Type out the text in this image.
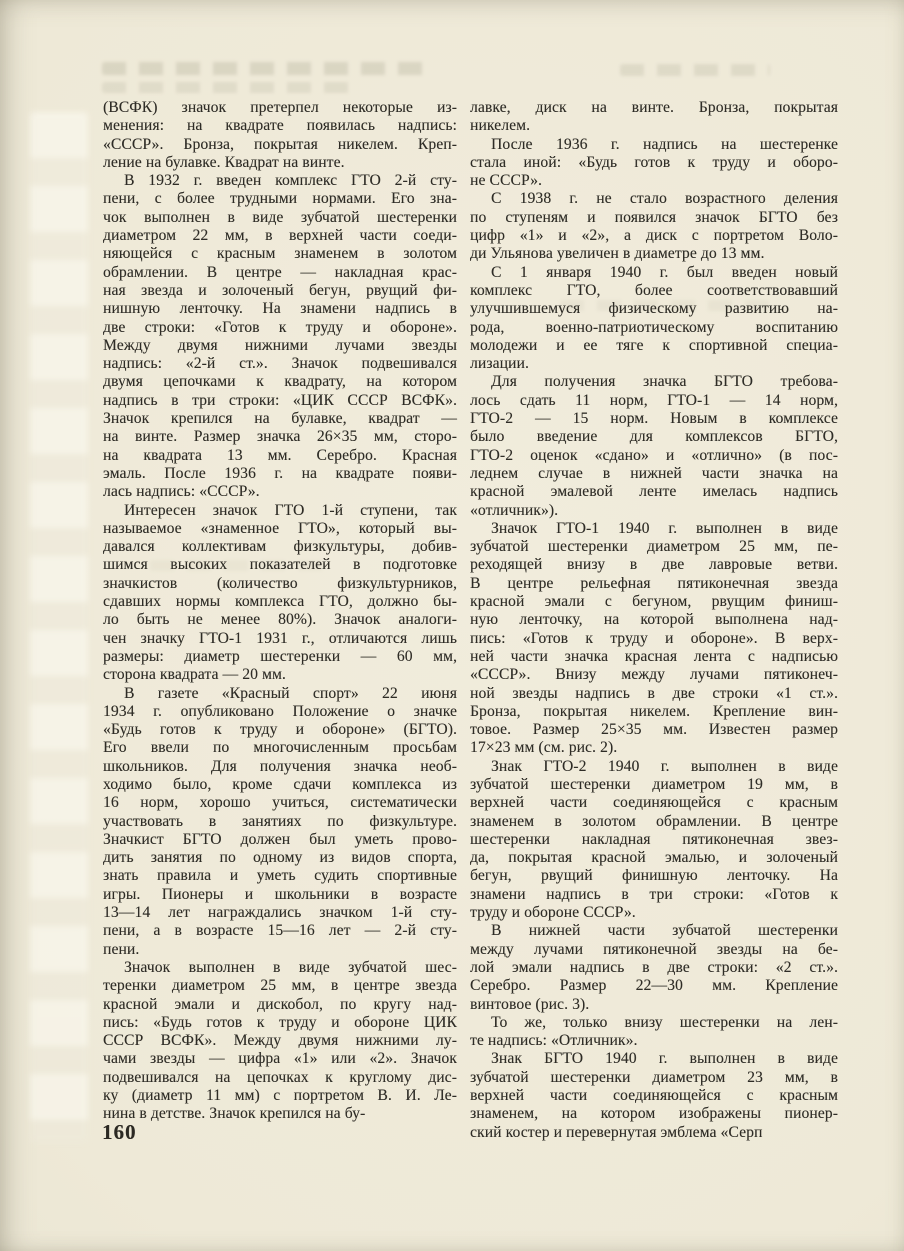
(ВСФК) значок претерпел некоторые из-
менения: на квадрате появилась надпись:
«СССР». Бронза, покрытая никелем. Креп-
ление на булавке. Квадрат на винте.
В 1932 г. введен комплекс ГТО 2-й сту-
пени, с более трудными нормами. Его зна-
чок выполнен в виде зубчатой шестеренки
диаметром 22 мм, в верхней части соеди-
няющейся с красным знаменем в золотом
обрамлении. В центре — накладная крас-
ная звезда и золоченый бегун, рвущий фи-
нишную ленточку. На знамени надпись в
две строки: «Готов к труду и обороне».
Между двумя нижними лучами звезды
надпись: «2-й ст.». Значок подвешивался
двумя цепочками к квадрату, на котором
надпись в три строки: «ЦИК СССР ВСФК».
Значок крепился на булавке, квадрат —
на винте. Размер значка 26×35 мм, сторо-
на квадрата 13 мм. Серебро. Красная
эмаль. После 1936 г. на квадрате появи-
лась надпись: «СССР».
Интересен значок ГТО 1-й ступени, так
называемое «знаменное ГТО», который вы-
давался коллективам физкультуры, добив-
шимся высоких показателей в подготовке
значкистов (количество физкультурников,
сдавших нормы комплекса ГТО, должно бы-
ло быть не менее 80%). Значок аналоги-
чен значку ГТО-1 1931 г., отличаются лишь
размеры: диаметр шестеренки — 60 мм,
сторона квадрата — 20 мм.
В газете «Красный спорт» 22 июня
1934 г. опубликовано Положение о значке
«Будь готов к труду и обороне» (БГТО).
Его ввели по многочисленным просьбам
школьников. Для получения значка необ-
ходимо было, кроме сдачи комплекса из
16 норм, хорошо учиться, систематически
участвовать в занятиях по физкультуре.
Значкист БГТО должен был уметь прово-
дить занятия по одному из видов спорта,
знать правила и уметь судить спортивные
игры. Пионеры и школьники в возрасте
13—14 лет награждались значком 1-й сту-
пени, а в возрасте 15—16 лет — 2-й сту-
пени.
Значок выполнен в виде зубчатой шес-
теренки диаметром 25 мм, в центре звезда
красной эмали и дискобол, по кругу над-
пись: «Будь готов к труду и обороне ЦИК
СССР ВСФК». Между двумя нижними лу-
чами звезды — цифра «1» или «2». Значок
подвешивался на цепочках к круглому дис-
ку (диаметр 11 мм) с портретом В. И. Ле-
нина в детстве. Значок крепился на бу-
лавке, диск на винте. Бронза, покрытая
никелем.
После 1936 г. надпись на шестеренке
стала иной: «Будь готов к труду и оборо-
не СССР».
С 1938 г. не стало возрастного деления
по ступеням и появился значок БГТО без
цифр «1» и «2», а диск с портретом Воло-
ди Ульянова увеличен в диаметре до 13 мм.
С 1 января 1940 г. был введен новый
комплекс ГТО, более соответствовавший
улучшившемуся физическому развитию на-
рода, военно-патриотическому воспитанию
молодежи и ее тяге к спортивной специа-
лизации.
Для получения значка БГТО требова-
лось сдать 11 норм, ГТО-1 — 14 норм,
ГТО-2 — 15 норм. Новым в комплексе
было введение для комплексов БГТО,
ГТО-2 оценок «сдано» и «отлично» (в пос-
леднем случае в нижней части значка на
красной эмалевой ленте имелась надпись
«отличник»).
Значок ГТО-1 1940 г. выполнен в виде
зубчатой шестеренки диаметром 25 мм, пе-
реходящей внизу в две лавровые ветви.
В центре рельефная пятиконечная звезда
красной эмали с бегуном, рвущим финиш-
ную ленточку, на которой выполнена над-
пись: «Готов к труду и обороне». В верх-
ней части значка красная лента с надписью
«СССР». Внизу между лучами пятиконеч-
ной звезды надпись в две строки «1 ст.».
Бронза, покрытая никелем. Крепление вин-
товое. Размер 25×35 мм. Известен размер
17×23 мм (см. рис. 2).
Знак ГТО-2 1940 г. выполнен в виде
зубчатой шестеренки диаметром 19 мм, в
верхней части соединяющейся с красным
знаменем в золотом обрамлении. В центре
шестеренки накладная пятиконечная звез-
да, покрытая красной эмалью, и золоченый
бегун, рвущий финишную ленточку. На
знамени надпись в три строки: «Готов к
труду и обороне СССР».
В нижней части зубчатой шестеренки
между лучами пятиконечной звезды на бе-
лой эмали надпись в две строки: «2 ст.».
Серебро. Размер 22—30 мм. Крепление
винтовое (рис. 3).
То же, только внизу шестеренки на лен-
те надпись: «Отличник».
Знак БГТО 1940 г. выполнен в виде
зубчатой шестеренки диаметром 23 мм, в
верхней части соединяющейся с красным
знаменем, на котором изображены пионер-
ский костер и перевернутая эмблема «Серп
160
